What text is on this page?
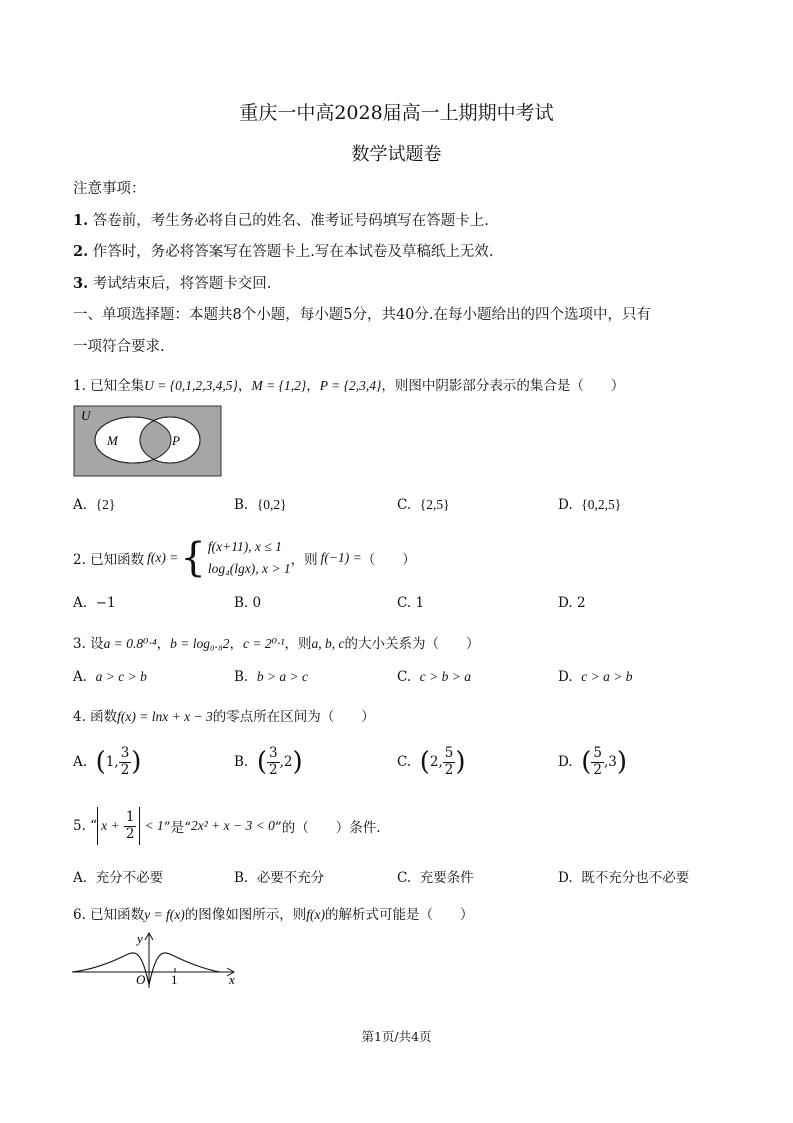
重庆一中高2028届高一上期期中考试
数学试题卷
注意事项：
1. 答卷前，考生务必将自己的姓名、准考证号码填写在答题卡上.
2. 作答时，务必将答案写在答题卡上.写在本试卷及草稿纸上无效.
3. 考试结束后，将答题卡交回.
一、单项选择题：本题共8个小题，每小题5分，共40分.在每小题给出的四个选项中，只有
一项符合要求.
1. 已知全集U = {0,1,2,3,4,5}，M = {1,2}，P = {2,3,4}，则图中阴影部分表示的集合是（　　）
U
M	P
A. {2}	B. {0,2}	C. {2,5}	D. {0,2,5}
2. 已知函数 f(x) = { f(x+11), x ≤ 1
log₄(lgx), x > 1
，则 f(−1) = （　　）
A. −1	B. 0	C. 1	D. 2
3. 设a = 0.8⁰·⁴，b = log₀.₈2，c = 2⁰·¹，则a, b, c的大小关系为（　　）
A. a > c > b	B. b > a > c	C. c > b > a	D. c > a > b
4. 函数f(x) = lnx + x − 3的零点所在区间为（　　）
A.
( 1, $\frac{3}{2}$ )	B.
( $\frac{3}{2} ,2$ )	C.
( 2, $\frac{5}{2}$ )	D.
( $\frac{5}{2} ,3$ )
5. “ x +
$\frac{1}{2} < 1$ ”是“ 2x² + x − 3 < 0 ”的（　　）条件.
A. 充分不必要	B. 必要不充分	C. 充要条件	D. 既不充分也不必要
6. 已知函数y = f(x)的图像如图所示，则f(x)的解析式可能是（　　）
1
O
y
x
第1页/共4页
